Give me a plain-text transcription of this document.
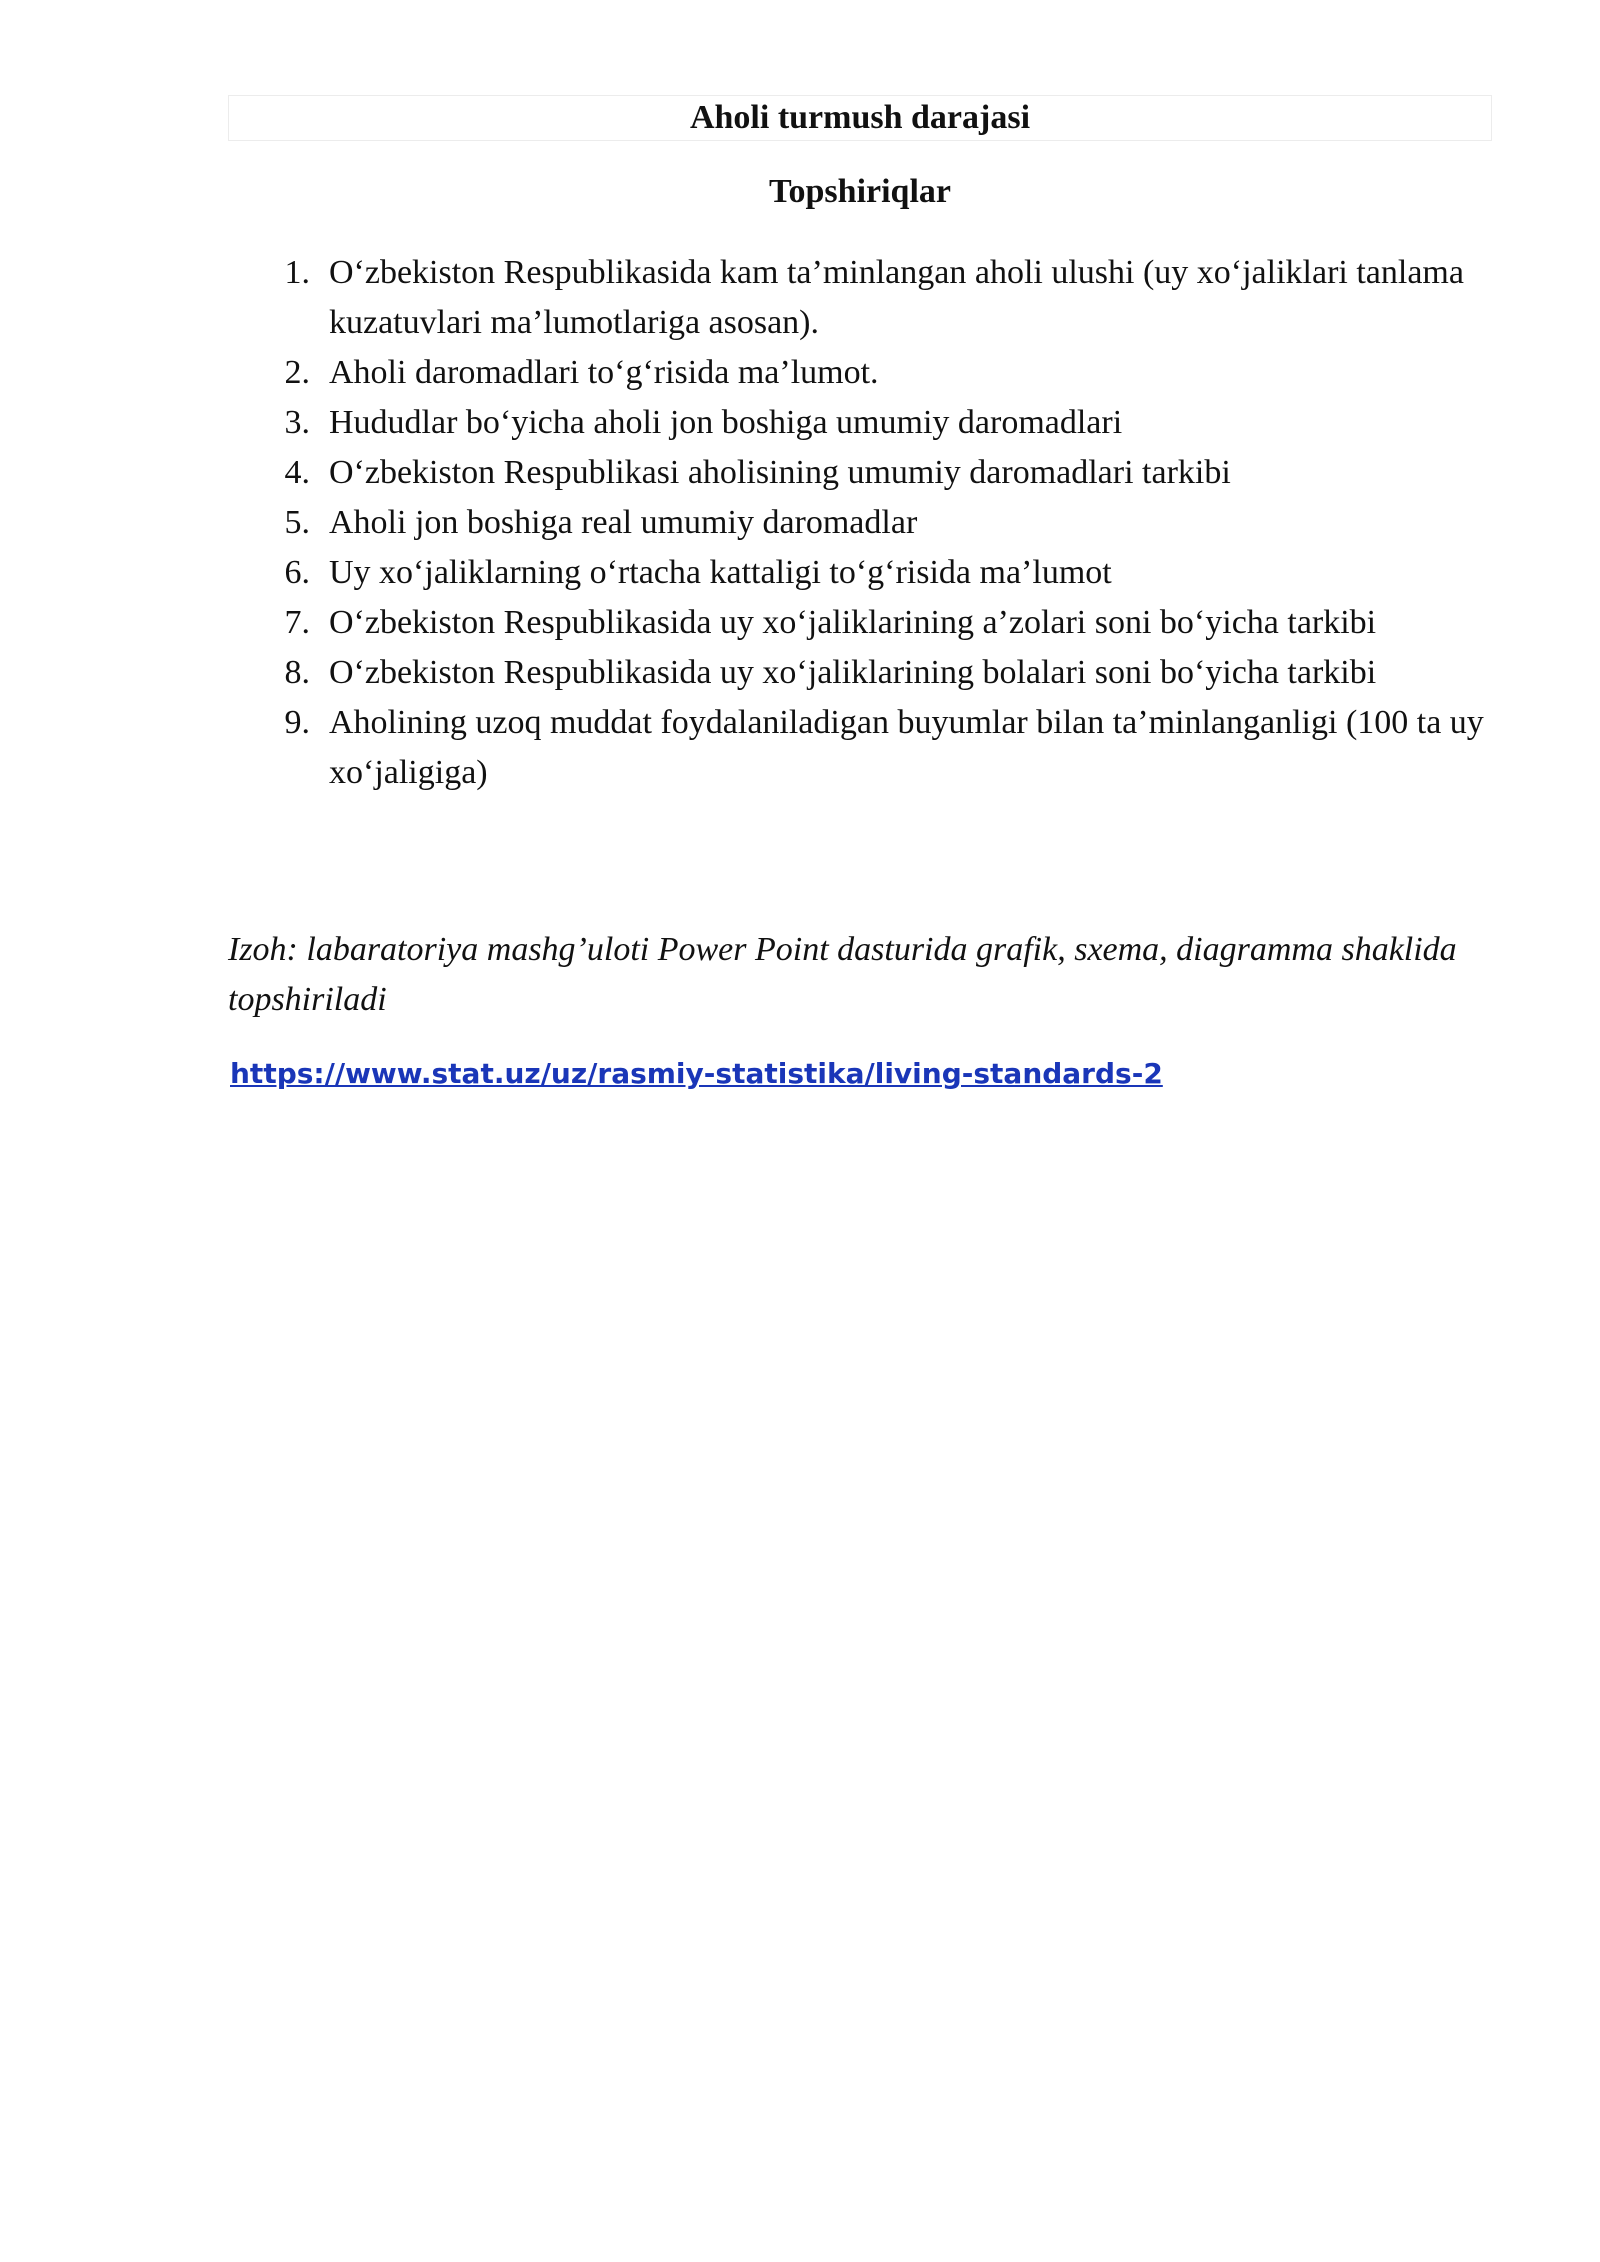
Aholi turmush darajasi
Topshiriqlar
1. O‘zbekiston Respublikasida kam ta’minlangan aholi ulushi (uy xo‘jaliklari tanlama kuzatuvlari ma’lumotlariga asosan).
2. Aholi daromadlari to‘g‘risida ma’lumot.
3. Hududlar bo‘yicha aholi jon boshiga umumiy daromadlari
4. O‘zbekiston Respublikasi aholisining umumiy daromadlari tarkibi
5. Aholi jon boshiga real umumiy daromadlar
6. Uy xo‘jaliklarning o‘rtacha kattaligi to‘g‘risida ma’lumot
7. O‘zbekiston Respublikasida uy xo‘jaliklarining a’zolari soni bo‘yicha tarkibi
8. O‘zbekiston Respublikasida uy xo‘jaliklarining bolalari soni bo‘yicha tarkibi
9. Aholining uzoq muddat foydalaniladigan buyumlar bilan ta’minlanganligi (100 ta uy xo‘jaligiga)

Izoh: labaratoriya mashg’uloti Power Point dasturida grafik, sxema, diagramma shaklida topshiriladi

https://www.stat.uz/uz/rasmiy-statistika/living-standards-2
